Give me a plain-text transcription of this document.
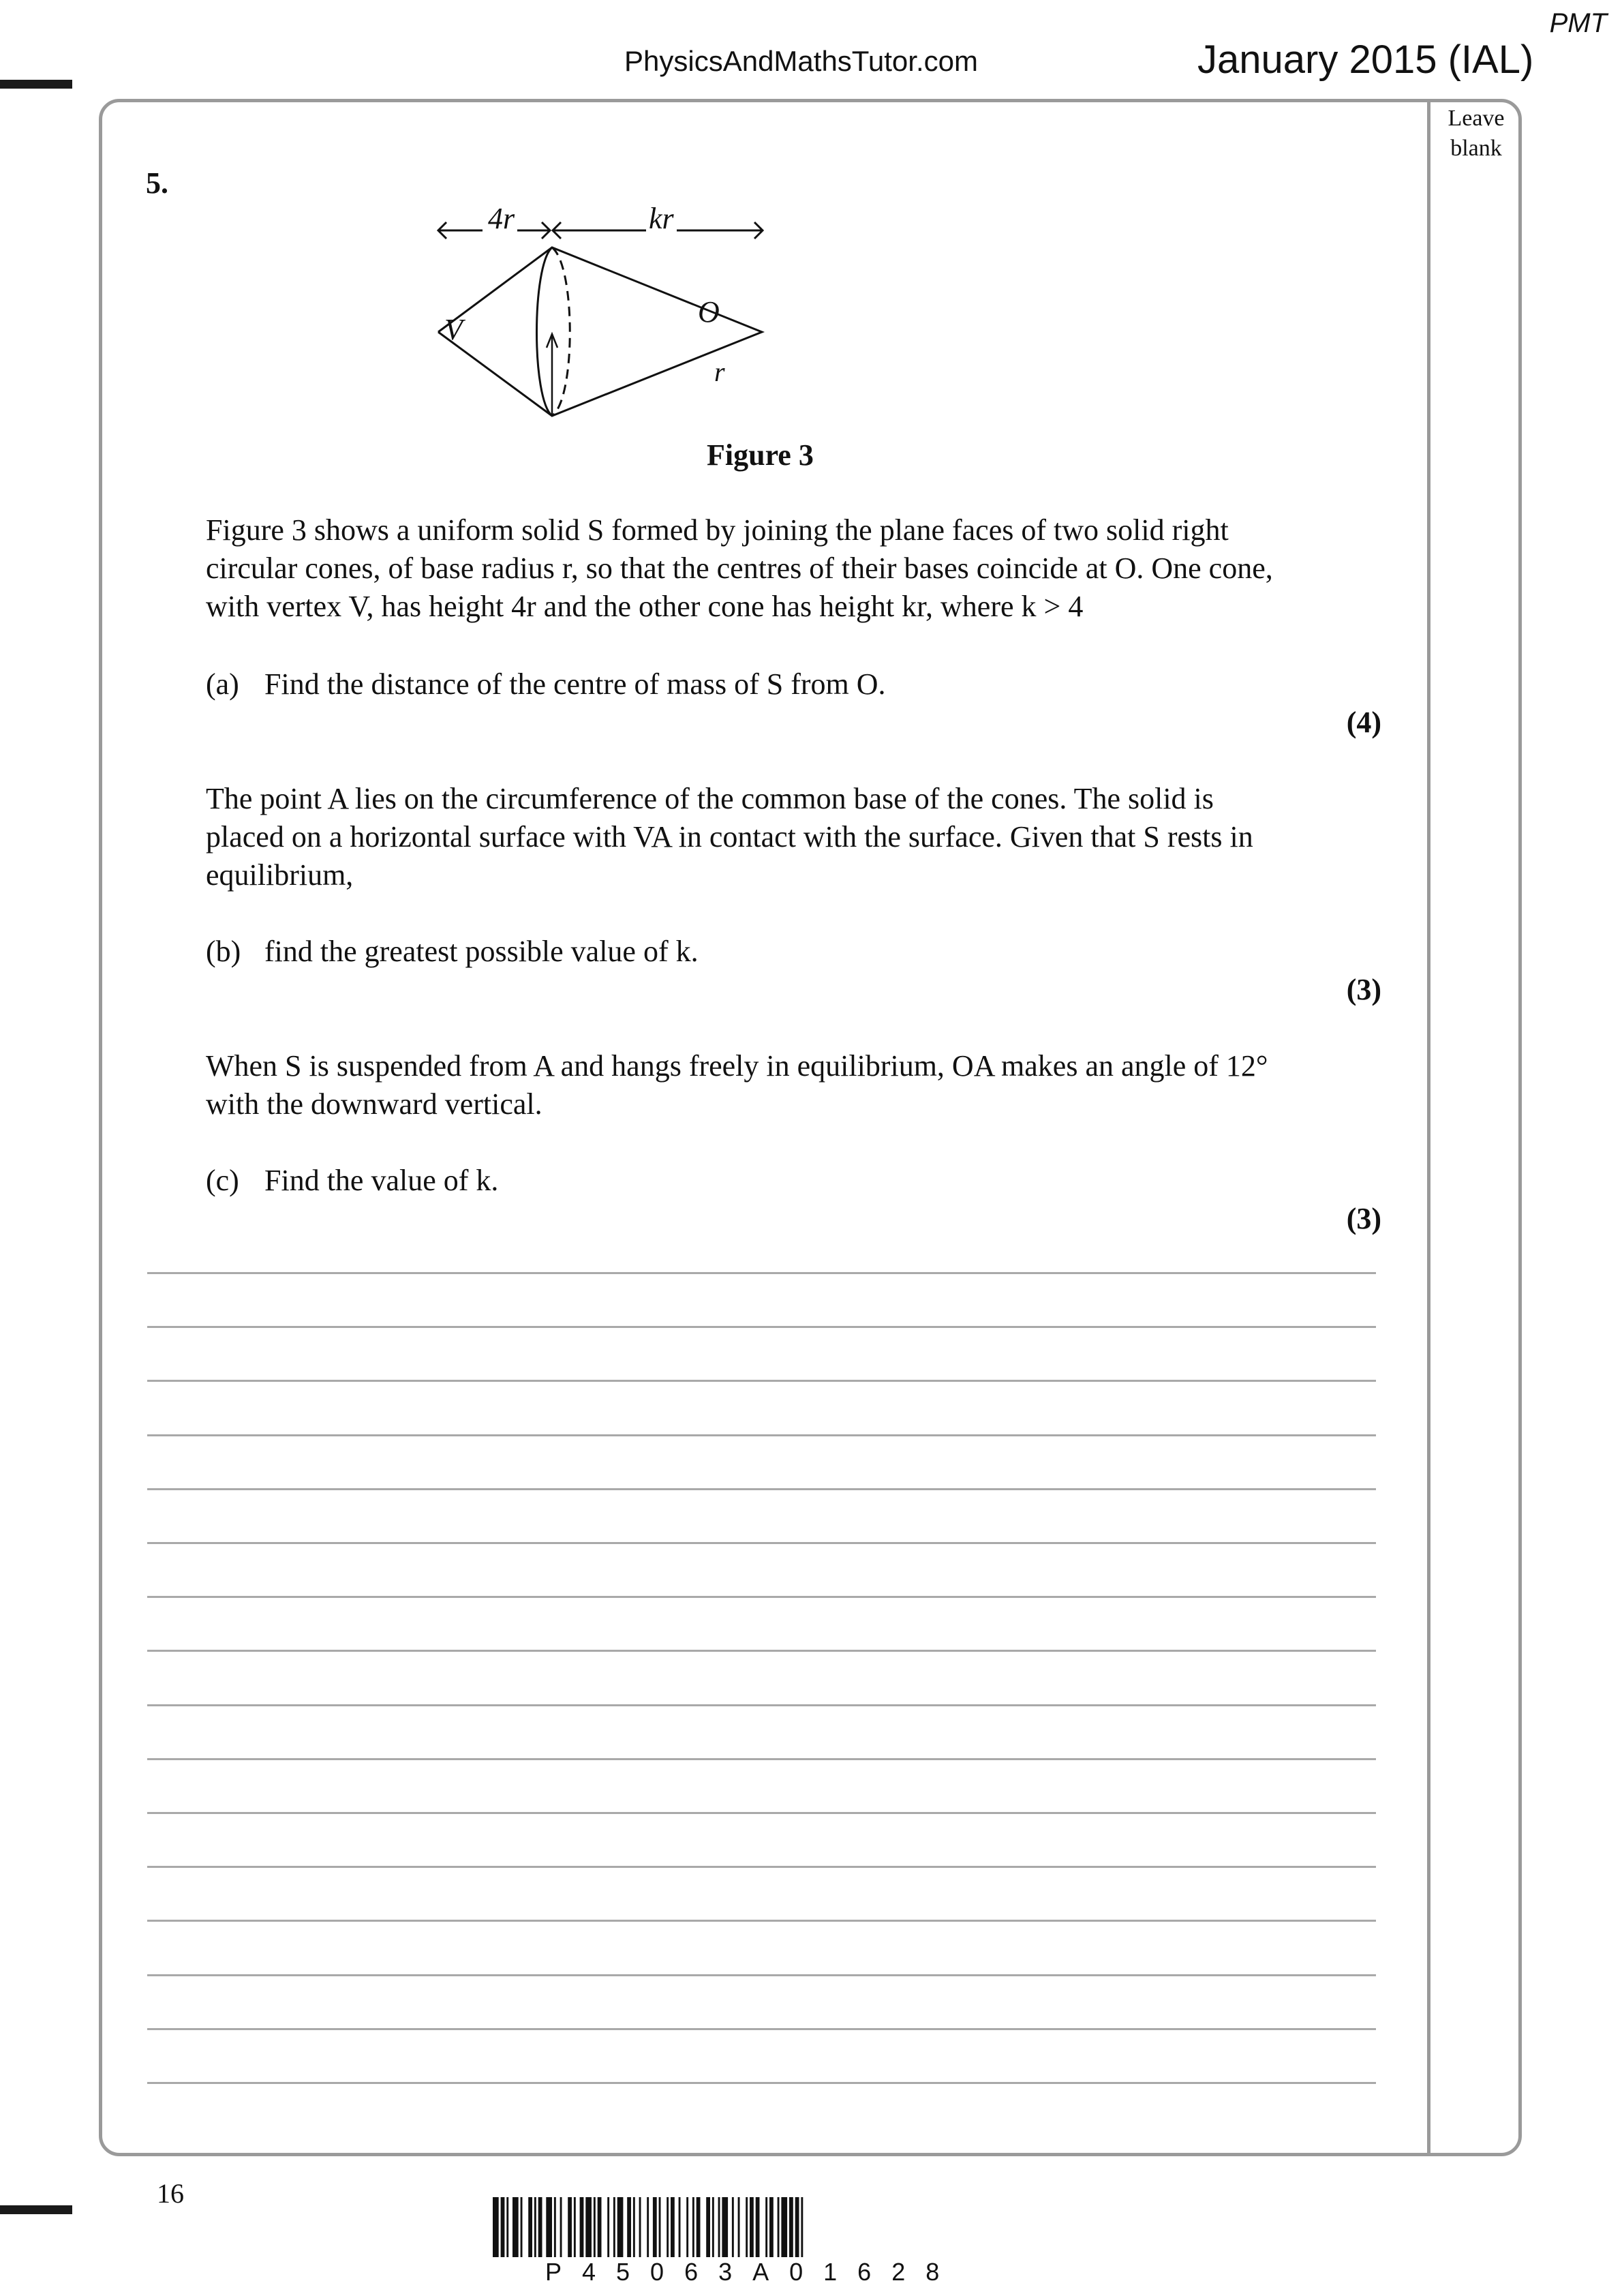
PMT
PhysicsAndMathsTutor.com	January 2015 (IAL)
Leave
blank
5.
4r	kr
V
O
r
Figure 3
Figure 3 shows a uniform solid S formed by joining the plane faces of two solid right
circular cones, of base radius r, so that the centres of their bases coincide at O. One cone,
with vertex V, has height 4r and the other cone has height kr, where k > 4
(a) Find the distance of the centre of mass of S from O.
(4)
The point A lies on the circumference of the common base of the cones. The solid is
placed on a horizontal surface with VA in contact with the surface. Given that S rests in
equilibrium,
(b) find the greatest possible value of k.
(3)
When S is suspended from A and hangs freely in equilibrium, OA makes an angle of 12°
with the downward vertical.
(c) Find the value of k.
(3)
16
P45063A01628
